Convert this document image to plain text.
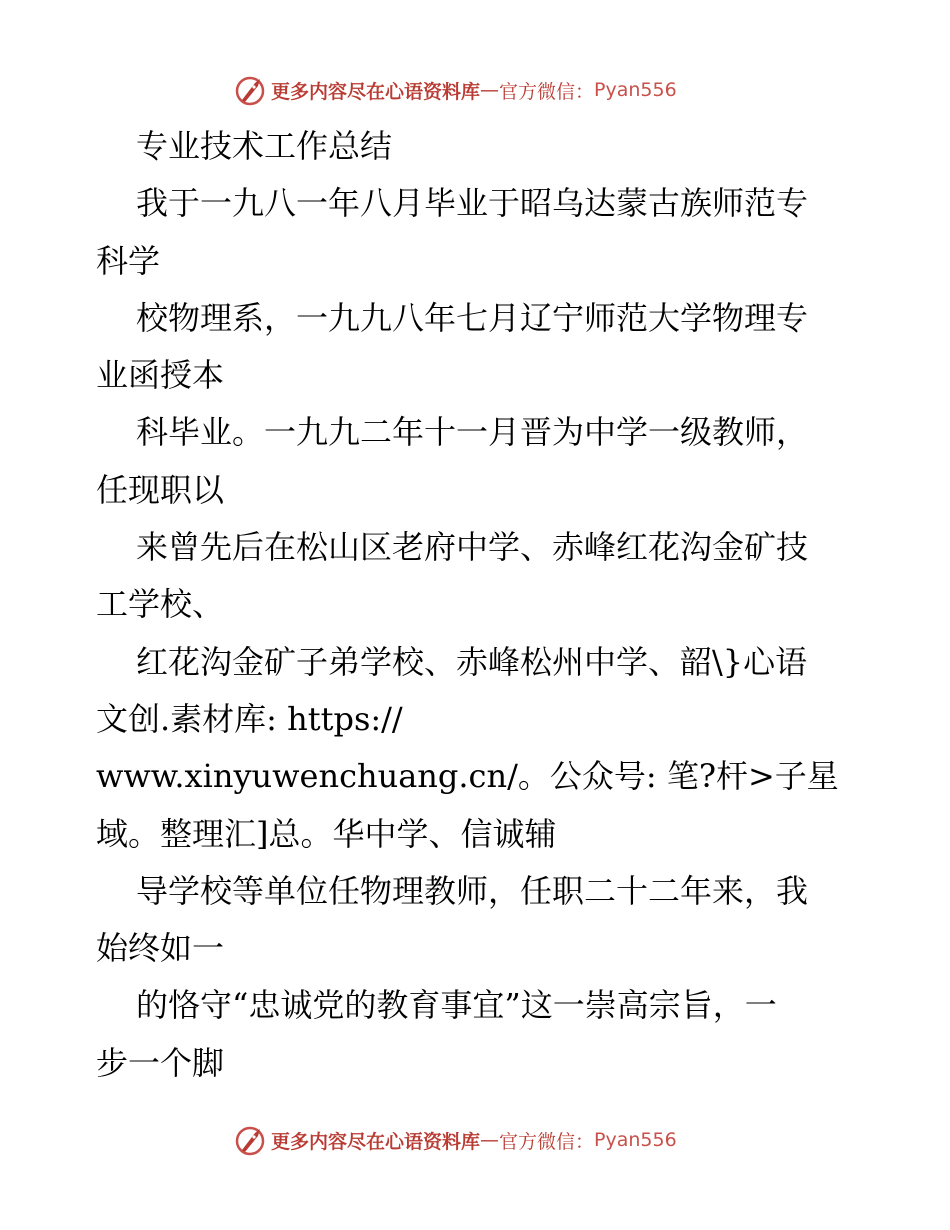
更多内容尽在心语资料库 — 官方微信： Pyan556
专业技术工作总结
我于一九八一年八月毕业于昭乌达蒙古族师范专
科学
校物理系，一九九八年七月辽宁师范大学物理专
业函授本
科毕业。一九九二年十一月晋为中学一级教师，
任现职以
来曾先后在松山区老府中学、赤峰红花沟金矿技
工学校、
红花沟金矿子弟学校、赤峰松州中学、韶\}心语
文创.素材库: https://
www.xinyuwenchuang.cn/。公众号: 笔?杆>子星
域。整理汇]总。华中学、信诚辅
导学校等单位任物理教师，任职二十二年来，我
始终如一
的恪守“忠诚党的教育事宜”这一崇高宗旨，一
步一个脚
更多内容尽在心语资料库 — 官方微信： Pyan556
